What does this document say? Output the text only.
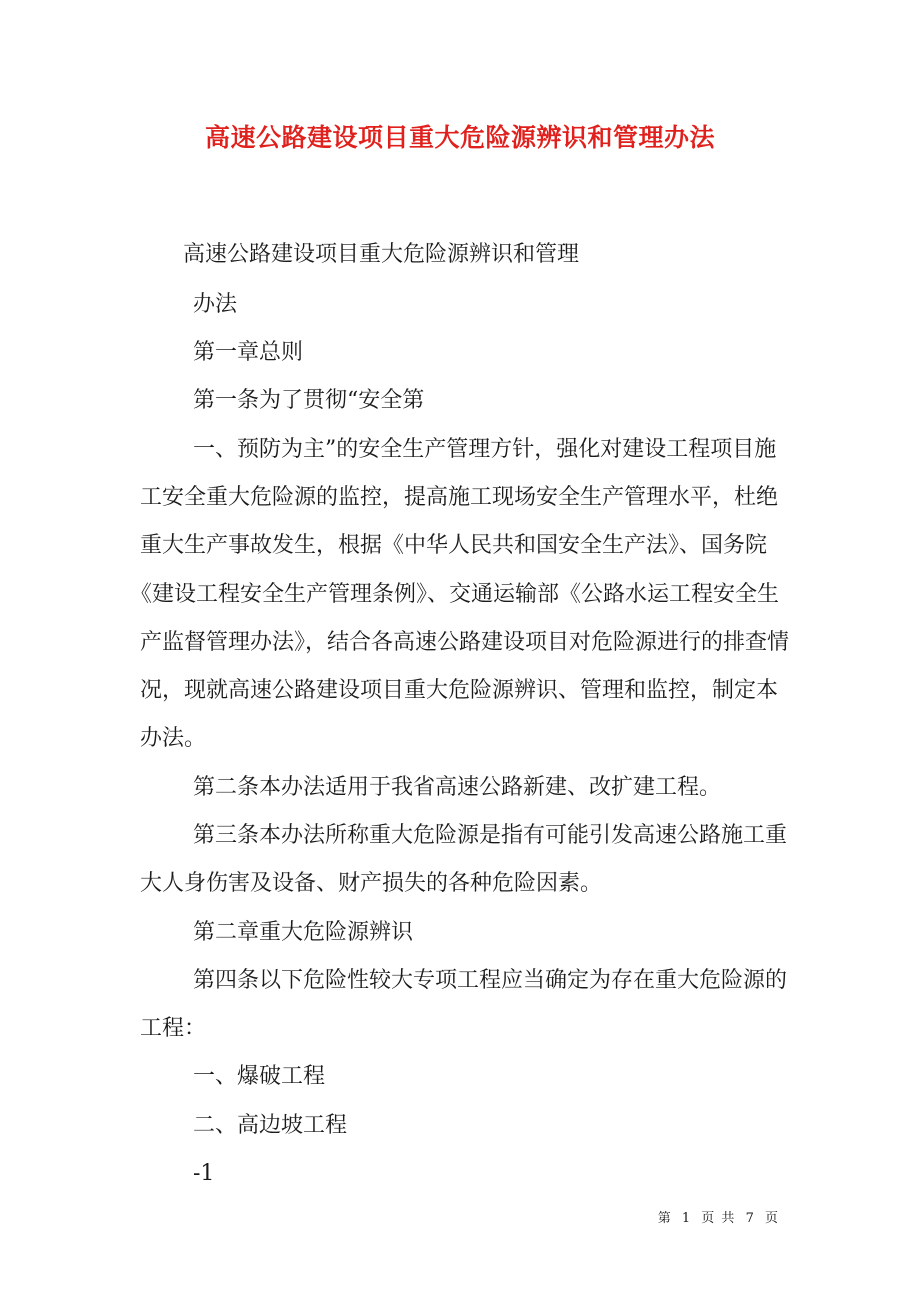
高速公路建设项目重大危险源辨识和管理办法
高速公路建设项目重大危险源辨识和管理
办法
第一章总则
第一条为了贯彻“安全第
一、预防为主”的安全生产管理方针，强化对建设工程项目施
工安全重大危险源的监控，提高施工现场安全生产管理水平，杜绝
重大生产事故发生，根据《中华人民共和国安全生产法》、国务院
《建设工程安全生产管理条例》、交通运输部《公路水运工程安全生
产监督管理办法》，结合各高速公路建设项目对危险源进行的排查情
况，现就高速公路建设项目重大危险源辨识、管理和监控，制定本
办法。
第二条本办法适用于我省高速公路新建、改扩建工程。
第三条本办法所称重大危险源是指有可能引发高速公路施工重
大人身伤害及设备、财产损失的各种危险因素。
第二章重大危险源辨识
第四条以下危险性较大专项工程应当确定为存在重大危险源的
工程：
一、爆破工程
二、高边坡工程
-1
第 1 页 共 7 页
